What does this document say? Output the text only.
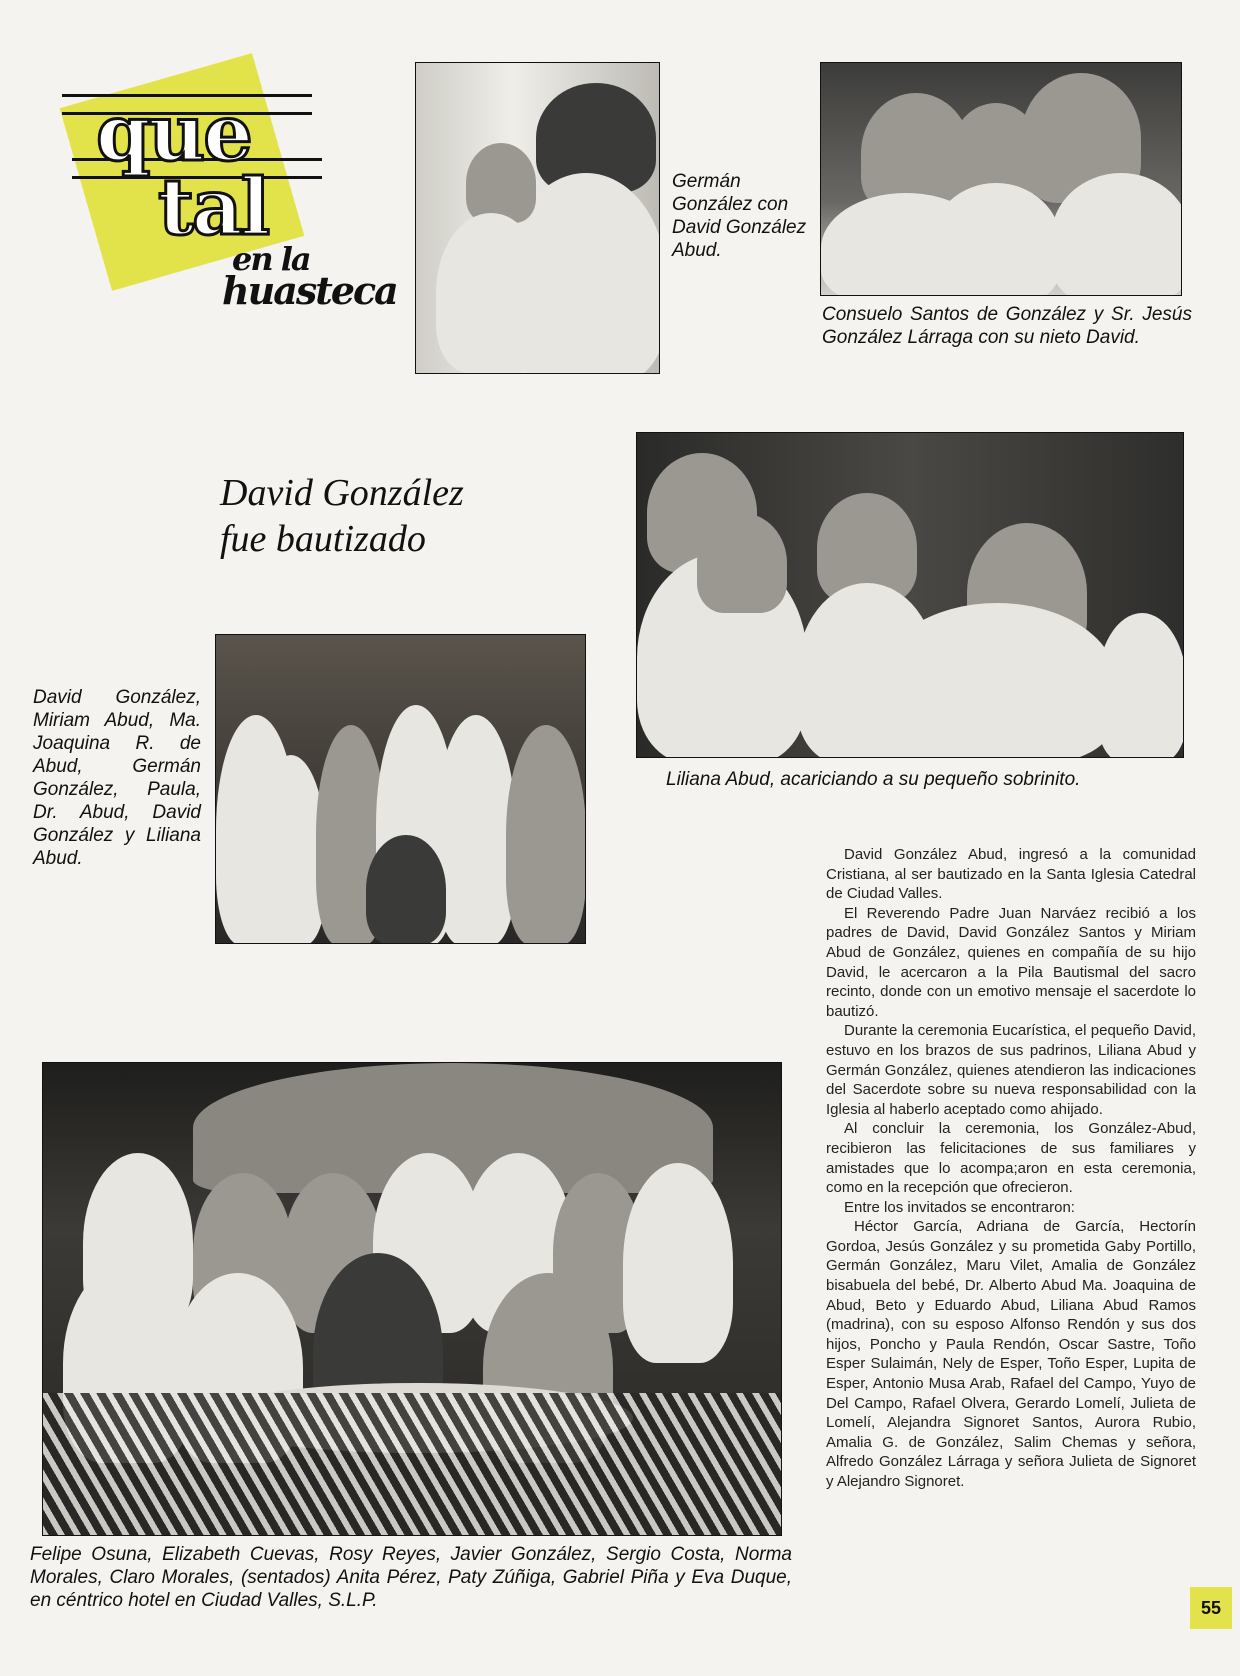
que
tal
en la
huasteca
Germán González con David González Abud.
Consuelo Santos de González y Sr. Jesús González Lárraga con su nieto David.
David González
fue bautizado
Liliana Abud, acariciando a su pequeño sobrinito.
David González, Miriam Abud, Ma. Joaquina R. de Abud, Germán González, Paula, Dr. Abud, David González y Liliana Abud.	David González Abud, ingresó a la comunidad Cristiana, al ser bautizado en la Santa Iglesia Catedral de Ciudad Valles.

El Reverendo Padre Juan Narváez recibió a los padres de David, David González Santos y Miriam Abud de González, quienes en compañía de su hijo David, le acercaron a la Pila Bautismal del sacro recinto, donde con un emotivo mensaje el sacerdote lo bautizó.

Durante la ceremonia Eucarística, el pequeño David, estuvo en los brazos de sus padrinos, Liliana Abud y Germán González, quienes atendieron las indicaciones del Sacerdote sobre su nueva responsabilidad con la Iglesia al haberlo aceptado como ahijado.

Al concluir la ceremonia, los González-Abud, recibieron las felicitaciones de sus familiares y amistades que lo acompa;aron en esta ceremonia, como en la recepción que ofrecieron.

Entre los invitados se encontraron:

Héctor García, Adriana de García, Hectorín Gordoa, Jesús González y su prometida Gaby Portillo, Germán González, Maru Vilet, Amalia de González bisabuela del bebé, Dr. Alberto Abud Ma. Joaquina de Abud, Beto y Eduardo Abud, Liliana Abud Ramos (madrina), con su esposo Alfonso Rendón y sus dos hijos, Poncho y Paula Rendón, Oscar Sastre, Toño Esper Sulaimán, Nely de Esper, Toño Esper, Lupita de Esper, Antonio Musa Arab, Rafael del Campo, Yuyo de Del Campo, Rafael Olvera, Gerardo Lomelí, Julieta de Lomelí, Alejandra Signoret Santos, Aurora Rubio, Amalia G. de González, Salim Chemas y señora, Alfredo González Lárraga y señora Julieta de Signoret y Alejandro Signoret.

Felipe Osuna, Elizabeth Cuevas, Rosy Reyes, Javier González, Sergio Costa, Norma Morales, Claro Morales, (sentados) Anita Pérez, Paty Zúñiga, Gabriel Piña y Eva Duque, en céntrico hotel en Ciudad Valles, S.L.P.	55
